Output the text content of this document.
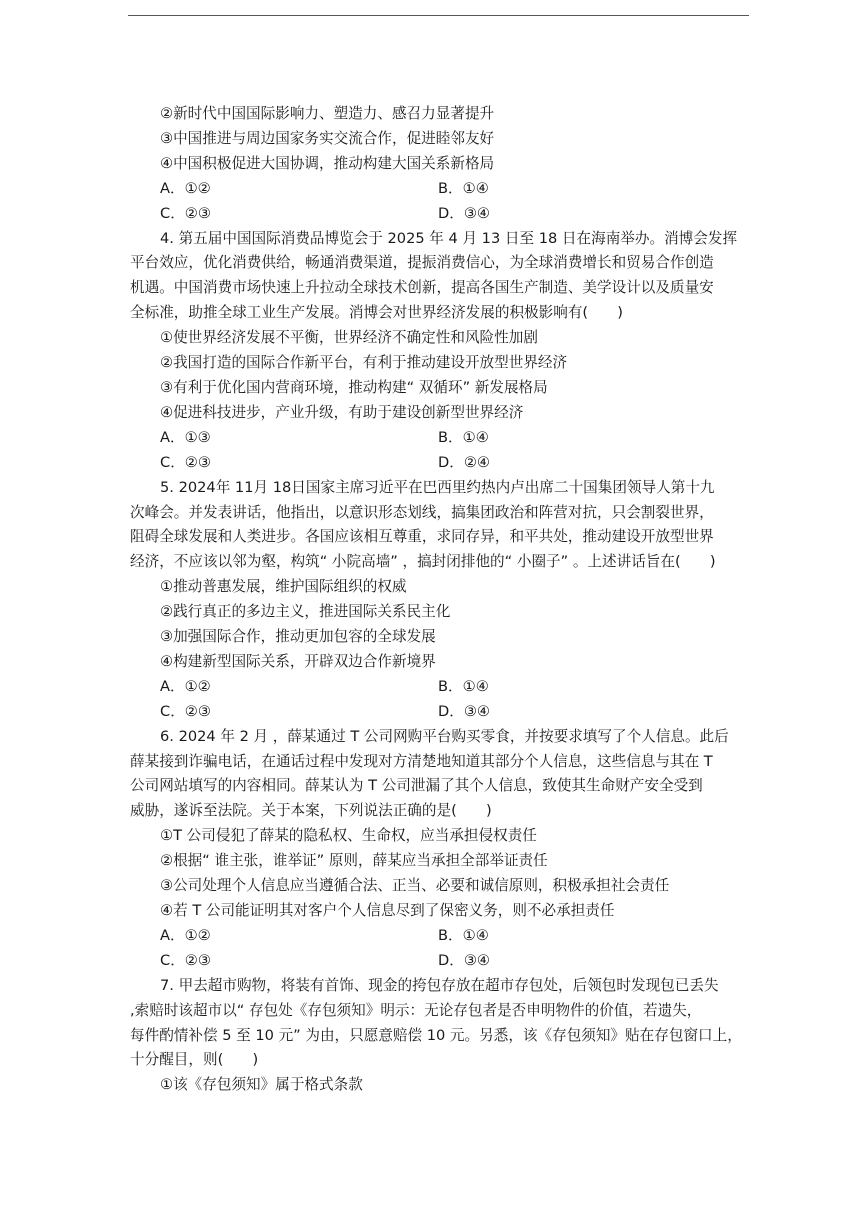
②新时代中国国际影响力、塑造力、感召力显著提升
③中国推进与周边国家务实交流合作，促进睦邻友好
④中国积极促进大国协调，推动构建大国关系新格局
A．①②	B．①④
C．②③	D．③④
4. 第五届中国国际消费品博览会于 2025 年 4 月 13 日至 18 日在海南举办。消博会发挥
平台效应，优化消费供给，畅通消费渠道，提振消费信心，为全球消费增长和贸易合作创造
机遇。中国消费市场快速上升拉动全球技术创新，提高各国生产制造、美学设计以及质量安
全标准，助推全球工业生产发展。消博会对世界经济发展的积极影响有(　　)
①使世界经济发展不平衡，世界经济不确定性和风险性加剧
②我国打造的国际合作新平台，有利于推动建设开放型世界经济
③有利于优化国内营商环境，推动构建“ 双循环” 新发展格局
④促进科技进步，产业升级，有助于建设创新型世界经济
A．①③	B．①④
C．②③	D．②④
5. 2024年 11月 18日国家主席习近平在巴西里约热内卢出席二十国集团领导人第十九
次峰会。并发表讲话，他指出，以意识形态划线，搞集团政治和阵营对抗，只会割裂世界，
阻碍全球发展和人类进步。各国应该相互尊重，求同存异，和平共处，推动建设开放型世界
经济，不应该以邻为壑，构筑“ 小院高墙” ，搞封闭排他的“ 小圈子” 。上述讲话旨在(　　)
①推动普惠发展，维护国际组织的权威
②践行真正的多边主义，推进国际关系民主化
③加强国际合作，推动更加包容的全球发展
④构建新型国际关系，开辟双边合作新境界
A．①②	B．①④
C．②③	D．③④
6. 2024 年 2 月 ，薛某通过 T 公司网购平台购买零食，并按要求填写了个人信息。此后
薛某接到诈骗电话，在通话过程中发现对方清楚地知道其部分个人信息，这些信息与其在 T
公司网站填写的内容相同。薛某认为 T 公司泄漏了其个人信息，致使其生命财产安全受到
威胁，遂诉至法院。关于本案，下列说法正确的是(　　)
①T 公司侵犯了薛某的隐私权、生命权，应当承担侵权责任
②根据“ 谁主张，谁举证” 原则，薛某应当承担全部举证责任
③公司处理个人信息应当遵循合法、正当、必要和诚信原则，积极承担社会责任
④若 T 公司能证明其对客户个人信息尽到了保密义务，则不必承担责任
A．①②	B．①④
C．②③	D．③④
7. 甲去超市购物，将装有首饰、现金的挎包存放在超市存包处，后领包时发现包已丢失
,索赔时该超市以“ 存包处《存包须知》明示：无论存包者是否申明物件的价值，若遗失，
每件酌情补偿 5 至 10 元” 为由，只愿意赔偿 10 元。另悉，该《存包须知》贴在存包窗口上，
十分醒目，则(　　)
①该《存包须知》属于格式条款
